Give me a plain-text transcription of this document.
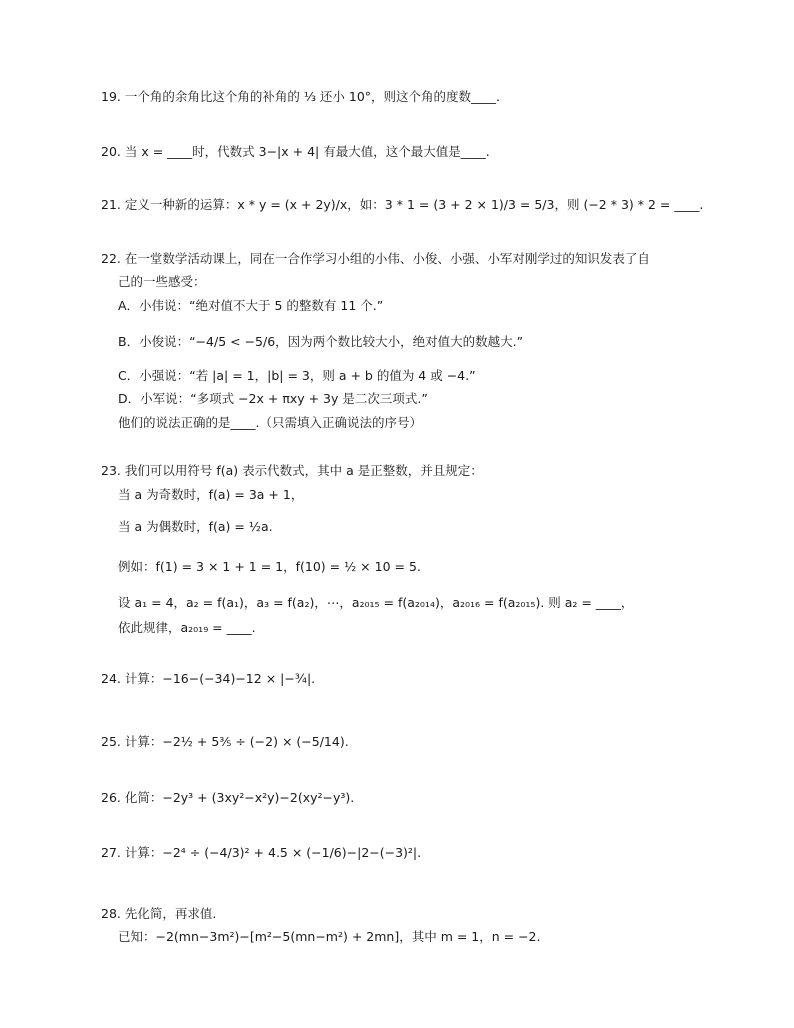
19. 一个角的余角比这个角的补角的 ⅓ 还小 10°，则这个角的度数____.
20. 当 x = ____时，代数式 3−|x + 4| 有最大值，这个最大值是____.
21. 定义一种新的运算：x * y = (x + 2y)/x，如：3 * 1 = (3 + 2 × 1)/3 = 5/3，则 (−2 * 3) * 2 = ____.
22. 在一堂数学活动课上，同在一合作学习小组的小伟、小俊、小强、小军对刚学过的知识发表了自
己的一些感受：
A．小伟说：“绝对值不大于 5 的整数有 11 个.”
B．小俊说：“−4/5 < −5/6，因为两个数比较大小，绝对值大的数越大.”
C．小强说：“若 |a| = 1，|b| = 3，则 a + b 的值为 4 或 −4.”
D．小军说：“多项式 −2x + πxy + 3y 是二次三项式.”
他们的说法正确的是____.（只需填入正确说法的序号）
23. 我们可以用符号 f(a) 表示代数式，其中 a 是正整数，并且规定：
当 a 为奇数时，f(a) = 3a + 1，
当 a 为偶数时，f(a) = ½a.
例如：f(1) = 3 × 1 + 1 = 1，f(10) = ½ × 10 = 5.
设 a₁ = 4，a₂ = f(a₁)，a₃ = f(a₂)，⋯，a₂₀₁₅ = f(a₂₀₁₄)，a₂₀₁₆ = f(a₂₀₁₅). 则 a₂ = ____，
依此规律，a₂₀₁₉ = ____.
24. 计算：−16−(−34)−12 × |−¾|.
25. 计算：−2½ + 5⅗ ÷ (−2) × (−5/14).
26. 化简：−2y³ + (3xy²−x²y)−2(xy²−y³).
27. 计算：−2⁴ ÷ (−4/3)² + 4.5 × (−1/6)−|2−(−3)²|.
28. 先化简，再求值.
已知：−2(mn−3m²)−[m²−5(mn−m²) + 2mn]，其中 m = 1，n = −2.
